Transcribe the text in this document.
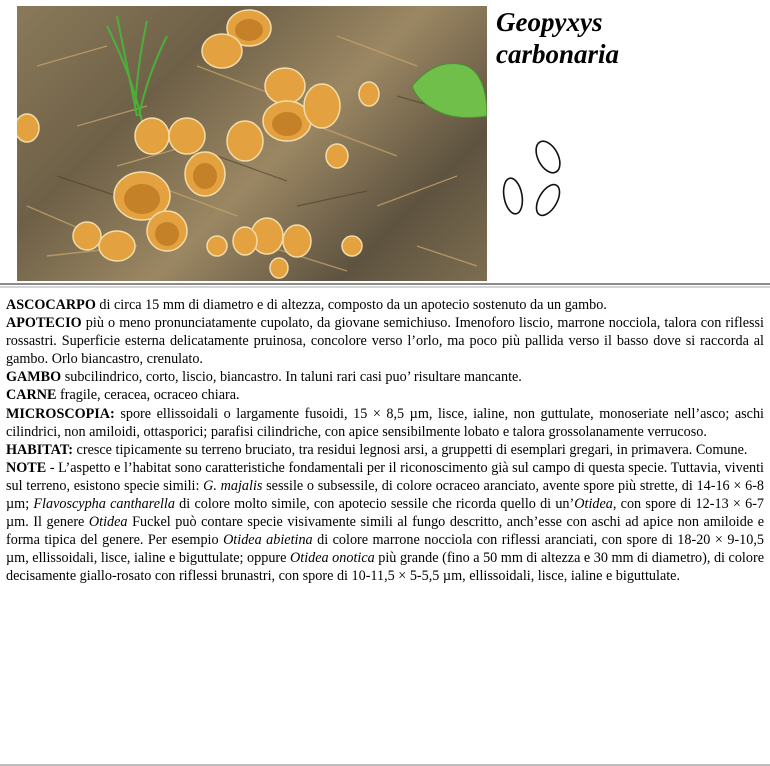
Geopyxys
carbonaria

ASCOCARPO di circa 15 mm di diametro e di altezza, composto da un apotecio sostenuto da un gambo.

APOTECIO più o meno pronunciatamente cupolato, da giovane semichiuso. Imenoforo liscio, marrone nocciola, talora con riflessi rossastri. Superficie esterna delicatamente pruinosa, concolore verso l’orlo, ma poco più pallida verso il basso dove si raccorda al gambo. Orlo biancastro, crenulato.

GAMBO subcilindrico, corto, liscio, biancastro. In taluni rari casi puo’ risultare mancante.

CARNE fragile, ceracea, ocraceo chiara.

MICROSCOPIA: spore ellissoidali o largamente fusoidi, 15 × 8,5 µm, lisce, ialine, non guttulate, monoseriate nell’asco; aschi cilindrici, non amiloidi, ottasporici; parafisi cilindriche, con apice sensibilmente lobato e talora grossolanamente verrucoso.

HABITAT: cresce tipicamente su terreno bruciato, tra residui legnosi arsi, a gruppetti di esemplari gregari, in primavera. Comune.

NOTE - L’aspetto e l’habitat sono caratteristiche fondamentali per il riconoscimento già sul campo di questa specie. Tuttavia, viventi sul terreno, esistono specie simili: G. majalis sessile o subsessile, di colore ocraceo aranciato, avente spore più strette, di 14-16 × 6-8 µm; Flavoscypha cantharella di colore molto simile, con apotecio sessile che ricorda quello di un’Otidea, con spore di 12-13 × 6-7 µm. Il genere Otidea Fuckel può contare specie visivamente simili al fungo descritto, anch’esse con aschi ad apice non amiloide e forma tipica del genere. Per esempio Otidea abietina di colore marrone nocciola con riflessi aranciati, con spore di 18-20 × 9-10,5 µm, ellissoidali, lisce, ialine e biguttulate; oppure Otidea onotica più grande (fino a 50 mm di altezza e 30 mm di diametro), di colore decisamente giallo-rosato con riflessi brunastri, con spore di 10-11,5 × 5-5,5 µm, ellissoidali, lisce, ialine e biguttulate.
